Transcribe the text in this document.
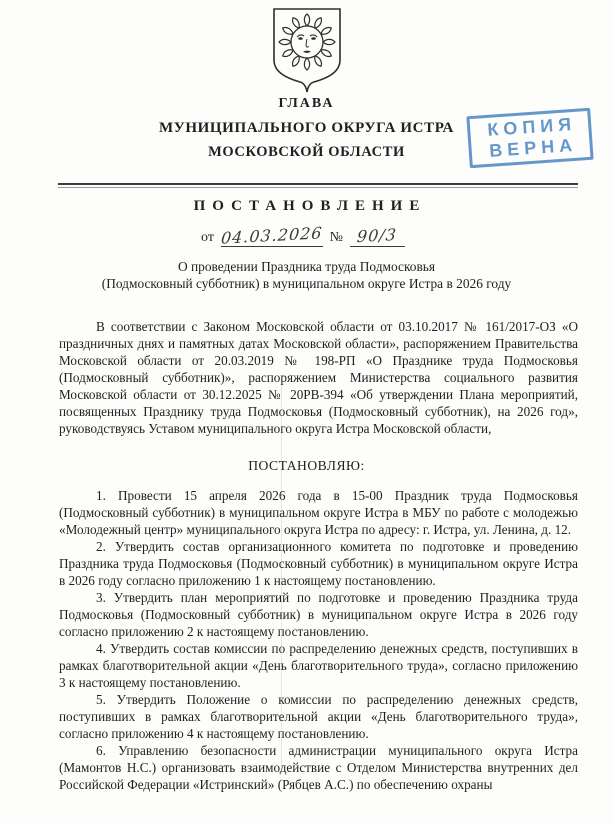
ГЛАВА
МУНИЦИПАЛЬНОГО ОКРУГА ИСТРА
МОСКОВСКОЙ ОБЛАСТИ
КОПИЯ
ВЕРНА
ПОСТАНОВЛЕНИЕ
от 04.03.2026 № 90/3
О проведении Праздника труда Подмосковья
(Подмосковный субботник) в муниципальном округе Истра в 2026 году

В соответствии с Законом Московской области от 03.10.2017 № 161/2017-ОЗ «О праздничных днях и памятных датах Московской области», распоряжением Правительства Московской области от 20.03.2019 № 198-РП «О Празднике труда Подмосковья (Подмосковный субботник)», распоряжением Министерства социального развития Московской области от 30.12.2025 № 20РВ-394 «Об утверждении Плана мероприятий, посвященных Празднику труда Подмосковья (Подмосковный субботник), на 2026 год», руководствуясь Уставом муниципального округа Истра Московской области,

ПОСТАНОВЛЯЮ:

1. Провести 15 апреля 2026 года в 15-00 Праздник труда Подмосковья (Подмосковный субботник) в муниципальном округе Истра в МБУ по работе с молодежью «Молодежный центр» муниципального округа Истра по адресу: г. Истра, ул. Ленина, д. 12.

2. Утвердить состав организационного комитета по подготовке и проведению Праздника труда Подмосковья (Подмосковный субботник) в муниципальном округе Истра в 2026 году согласно приложению 1 к настоящему постановлению.

3. Утвердить план мероприятий по подготовке и проведению Праздника труда Подмосковья (Подмосковный субботник) в муниципальном округе Истра в 2026 году согласно приложению 2 к настоящему постановлению.

4. Утвердить состав комиссии по распределению денежных средств, поступивших в рамках благотворительной акции «День благотворительного труда», согласно приложению 3 к настоящему постановлению.

5. Утвердить Положение о комиссии по распределению денежных средств, поступивших в рамках благотворительной акции «День благотворительного труда», согласно приложению 4 к настоящему постановлению.

6. Управлению безопасности администрации муниципального округа Истра (Мамонтов Н.С.) организовать взаимодействие с Отделом Министерства внутренних дел Российской Федерации «Истринский» (Рябцев А.С.) по обеспечению охраны
